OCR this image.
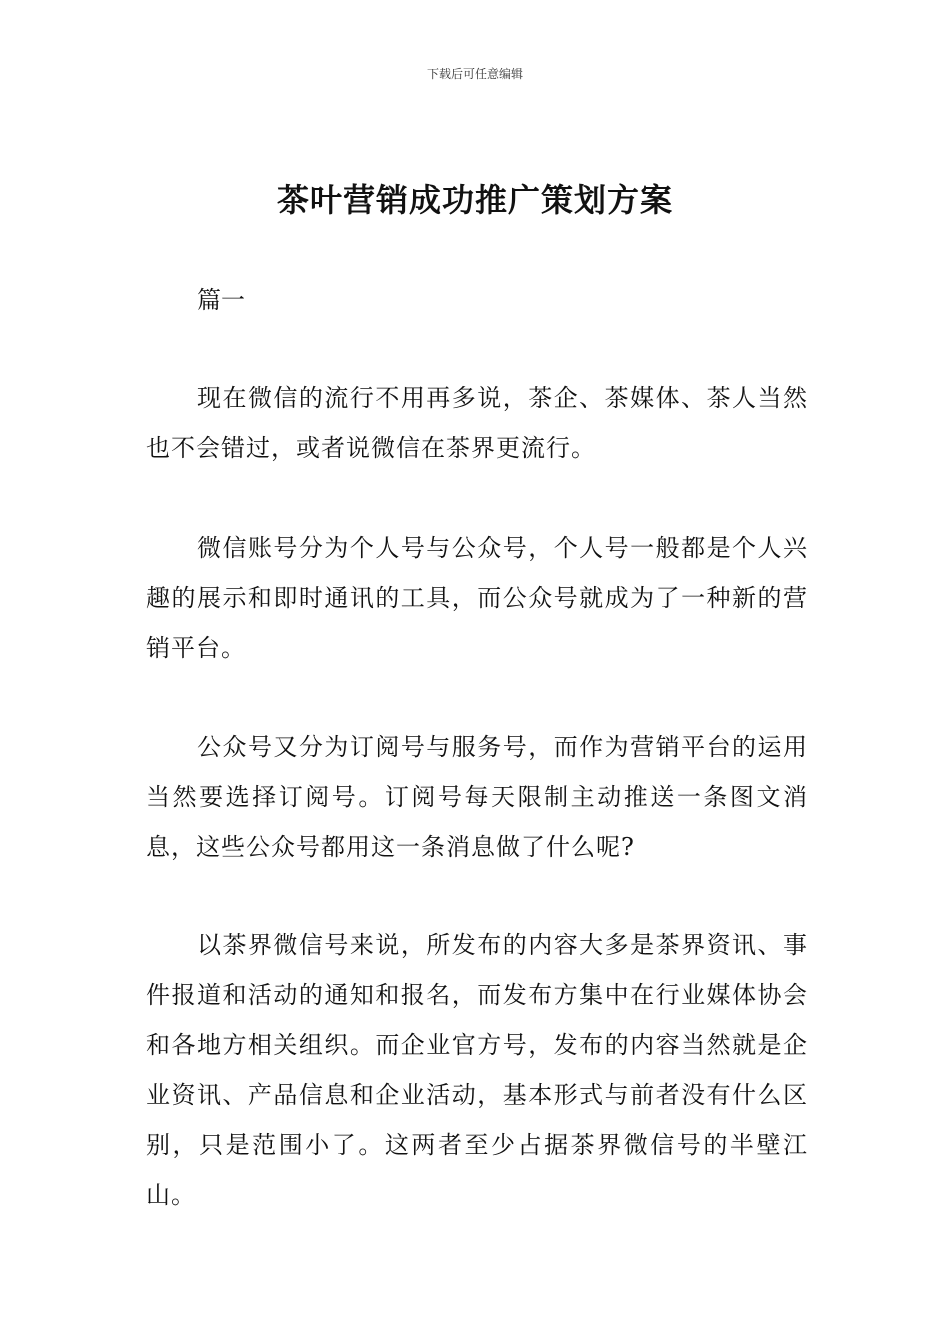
下载后可任意编辑
茶叶营销成功推广策划方案

篇一

现在微信的流行不用再多说，茶企、茶媒体、茶人当然也不会错过，或者说微信在茶界更流行。

微信账号分为个人号与公众号，个人号一般都是个人兴趣的展示和即时通讯的工具，而公众号就成为了一种新的营销平台。

公众号又分为订阅号与服务号，而作为营销平台的运用当然要选择订阅号。订阅号每天限制主动推送一条图文消息，这些公众号都用这一条消息做了什么呢?

以茶界微信号来说，所发布的内容大多是茶界资讯、事件报道和活动的通知和报名，而发布方集中在行业媒体协会和各地方相关组织。而企业官方号，发布的内容当然就是企业资讯、产品信息和企业活动，基本形式与前者没有什么区别，只是范围小了。这两者至少占据茶界微信号的半壁江山。
